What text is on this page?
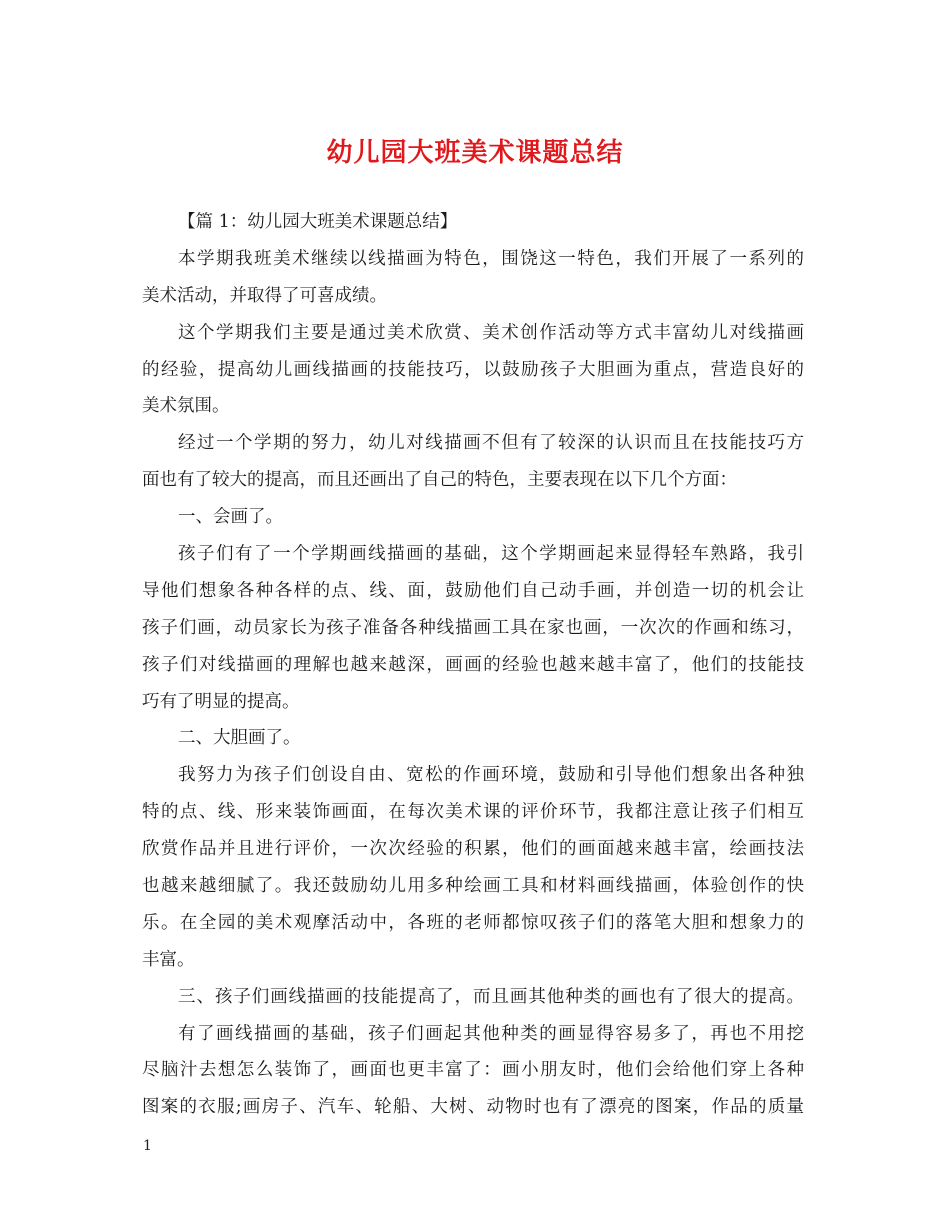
幼儿园大班美术课题总结
【篇 1：幼儿园大班美术课题总结】
本学期我班美术继续以线描画为特色，围饶这一特色，我们开展了一系列的
美术活动，并取得了可喜成绩。
这个学期我们主要是通过美术欣赏、美术创作活动等方式丰富幼儿对线描画
的经验，提高幼儿画线描画的技能技巧，以鼓励孩子大胆画为重点，营造良好的
美术氛围。
经过一个学期的努力，幼儿对线描画不但有了较深的认识而且在技能技巧方
面也有了较大的提高，而且还画出了自己的特色，主要表现在以下几个方面：
一、会画了。
孩子们有了一个学期画线描画的基础，这个学期画起来显得轻车熟路，我引
导他们想象各种各样的点、线、面，鼓励他们自己动手画，并创造一切的机会让
孩子们画，动员家长为孩子准备各种线描画工具在家也画，一次次的作画和练习，
孩子们对线描画的理解也越来越深，画画的经验也越来越丰富了，他们的技能技
巧有了明显的提高。
二、大胆画了。
我努力为孩子们创设自由、宽松的作画环境，鼓励和引导他们想象出各种独
特的点、线、形来装饰画面，在每次美术课的评价环节，我都注意让孩子们相互
欣赏作品并且进行评价，一次次经验的积累，他们的画面越来越丰富，绘画技法
也越来越细腻了。我还鼓励幼儿用多种绘画工具和材料画线描画，体验创作的快
乐。在全园的美术观摩活动中，各班的老师都惊叹孩子们的落笔大胆和想象力的
丰富。
三、孩子们画线描画的技能提高了，而且画其他种类的画也有了很大的提高。
有了画线描画的基础，孩子们画起其他种类的画显得容易多了，再也不用挖
尽脑汁去想怎么装饰了，画面也更丰富了：画小朋友时，他们会给他们穿上各种
图案的衣服;画房子、汽车、轮船、大树、动物时也有了漂亮的图案，作品的质量
1
